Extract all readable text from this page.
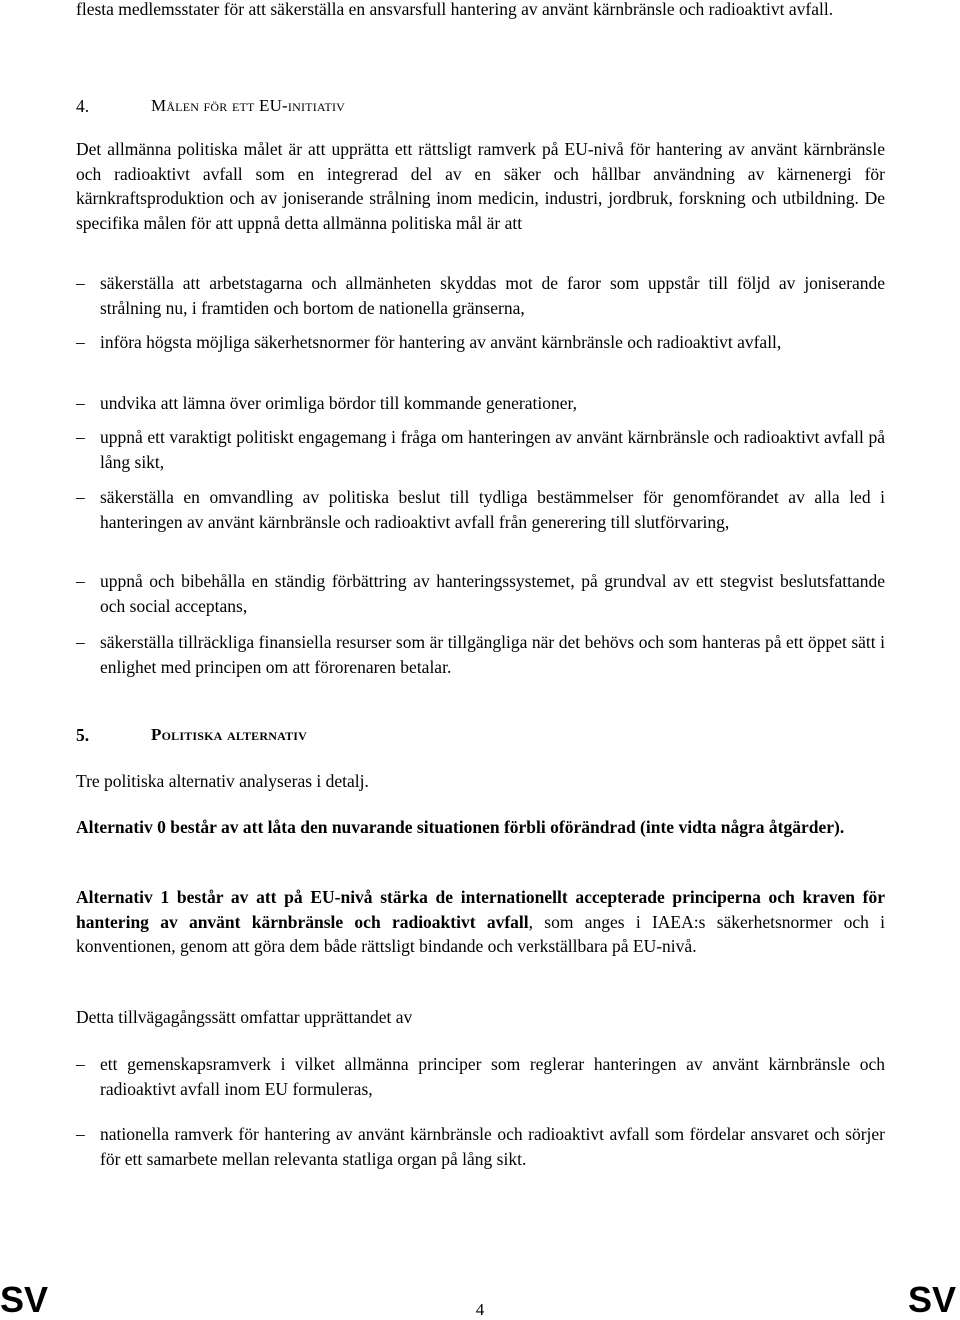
flesta medlemsstater för att säkerställa en ansvarsfull hantering av använt kärnbränsle och radioaktivt avfall.

4.	Målen för ett EU-initiativ

Det allmänna politiska målet är att upprätta ett rättsligt ramverk på EU-nivå för hantering av använt kärnbränsle och radioaktivt avfall som en integrerad del av en säker och hållbar användning av kärnenergi för kärnkraftsproduktion och av joniserande strålning inom medicin, industri, jordbruk, forskning och utbildning. De specifika målen för att uppnå detta allmänna politiska mål är att

– säkerställa att arbetstagarna och allmänheten skyddas mot de faror som uppstår till följd av joniserande strålning nu, i framtiden och bortom de nationella gränserna,

– införa högsta möjliga säkerhetsnormer för hantering av använt kärnbränsle och radioaktivt avfall,

– undvika att lämna över orimliga bördor till kommande generationer,

– uppnå ett varaktigt politiskt engagemang i fråga om hanteringen av använt kärnbränsle och radioaktivt avfall på lång sikt,

– säkerställa en omvandling av politiska beslut till tydliga bestämmelser för genomförandet av alla led i hanteringen av använt kärnbränsle och radioaktivt avfall från generering till slutförvaring,

– uppnå och bibehålla en ständig förbättring av hanteringssystemet, på grundval av ett stegvist beslutsfattande och social acceptans,

– säkerställa tillräckliga finansiella resurser som är tillgängliga när det behövs och som hanteras på ett öppet sätt i enlighet med principen om att förorenaren betalar.

5.	Politiska alternativ

Tre politiska alternativ analyseras i detalj.

Alternativ 0 består av att låta den nuvarande situationen förbli oförändrad (inte vidta några åtgärder).

Alternativ 1 består av att på EU-nivå stärka de internationellt accepterade principerna och kraven för hantering av använt kärnbränsle och radioaktivt avfall, som anges i IAEA:s säkerhetsnormer och i konventionen, genom att göra dem både rättsligt bindande och verkställbara på EU-nivå.

Detta tillvägagångssätt omfattar upprättandet av

– ett gemenskapsramverk i vilket allmänna principer som reglerar hanteringen av använt kärnbränsle och radioaktivt avfall inom EU formuleras,

– nationella ramverk för hantering av använt kärnbränsle och radioaktivt avfall som fördelar ansvaret och sörjer för ett samarbete mellan relevanta statliga organ på lång sikt.

SV	4	SV
